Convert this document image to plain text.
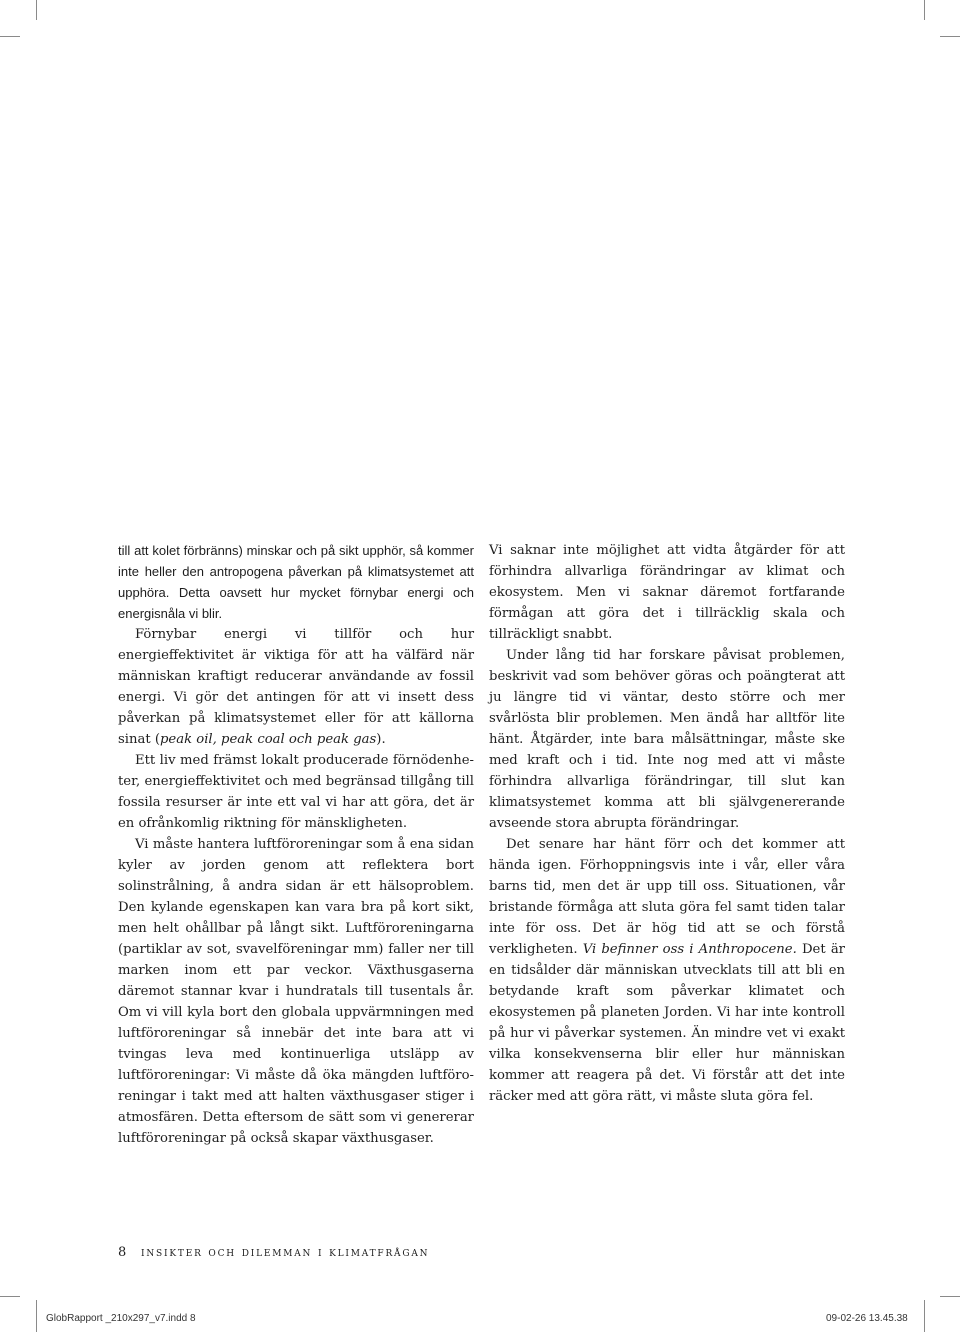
till att kolet förbränns) minskar och på sikt upphör, så kommer inte heller den antropogena påverkan på klimatsystemet att upphöra. Detta oavsett hur mycket förnybar energi och energisnåla vi blir.

Förnybar energi vi tillför och hur energieffektivitet är viktiga för att ha välfärd när människan kraftigt reducerar användande av fossil energi. Vi gör det antingen för att vi insett dess påverkan på klimatsystemet eller för att källorna sinat (peak oil, peak coal och peak gas).

Ett liv med främst lokalt producerade förnödenheter, energieffektivitet och med begränsad tillgång till fossila resurser är inte ett val vi har att göra, det är en ofrånkomlig riktning för mänskligheten.

Vi måste hantera luftföroreningar som å ena sidan kyler av jorden genom att reflektera bort solinstrålning, å andra sidan är ett hälsoproblem. Den kylande egenskapen kan vara bra på kort sikt, men helt ohållbar på långt sikt. Luftföroreningarna (partiklar av sot, svavelföreningar mm) faller ner till marken inom ett par veckor. Växthusgaserna däremot stannar kvar i hundratals till tusentals år. Om vi vill kyla bort den globala uppvärmningen med luftföroreningar så innebär det inte bara att vi tvingas leva med kontinuerliga utsläpp av luftföroreningar: Vi måste då öka mängden luftföroreningar i takt med att halten växthusgaser stiger i atmosfären. Detta eftersom de sätt som vi genererar luftföroreningar på också skapar växthusgaser.

Vi saknar inte möjlighet att vidta åtgärder för att förhindra allvarliga förändringar av klimat och ekosystem. Men vi saknar däremot fortfarande förmågan att göra det i tillräcklig skala och tillräckligt snabbt.

Under lång tid har forskare påvisat problemen, beskrivit vad som behöver göras och poängterat att ju längre tid vi väntar, desto större och mer svårlösta blir problemen. Men ändå har alltför lite hänt. Åtgärder, inte bara målsättningar, måste ske med kraft och i tid. Inte nog med att vi måste förhindra allvarliga förändringar, till slut kan klimatsystemet komma att bli självgenererande avseende stora abrupta förändringar.

Det senare har hänt förr och det kommer att hända igen. Förhoppningsvis inte i vår, eller våra barns tid, men det är upp till oss. Situationen, vår bristande förmåga att sluta göra fel samt tiden talar inte för oss. Det är hög tid att se och förstå verkligheten. Vi befinner oss i Anthropocene. Det är en tidsålder där människan utvecklats till att bli en betydande kraft som påverkar klimatet och ekosystemen på planeten Jorden. Vi har inte kontroll på hur vi påverkar systemen. Än mindre vet vi exakt vilka konsekvenserna blir eller hur människan kommer att reagera på det. Vi förstår att det inte räcker med att göra rätt, vi måste sluta göra fel.

8 insikter och dilemman i klimatfrågan
GlobRapport _210x297_v7.indd 8	09-02-26 13.45.38
